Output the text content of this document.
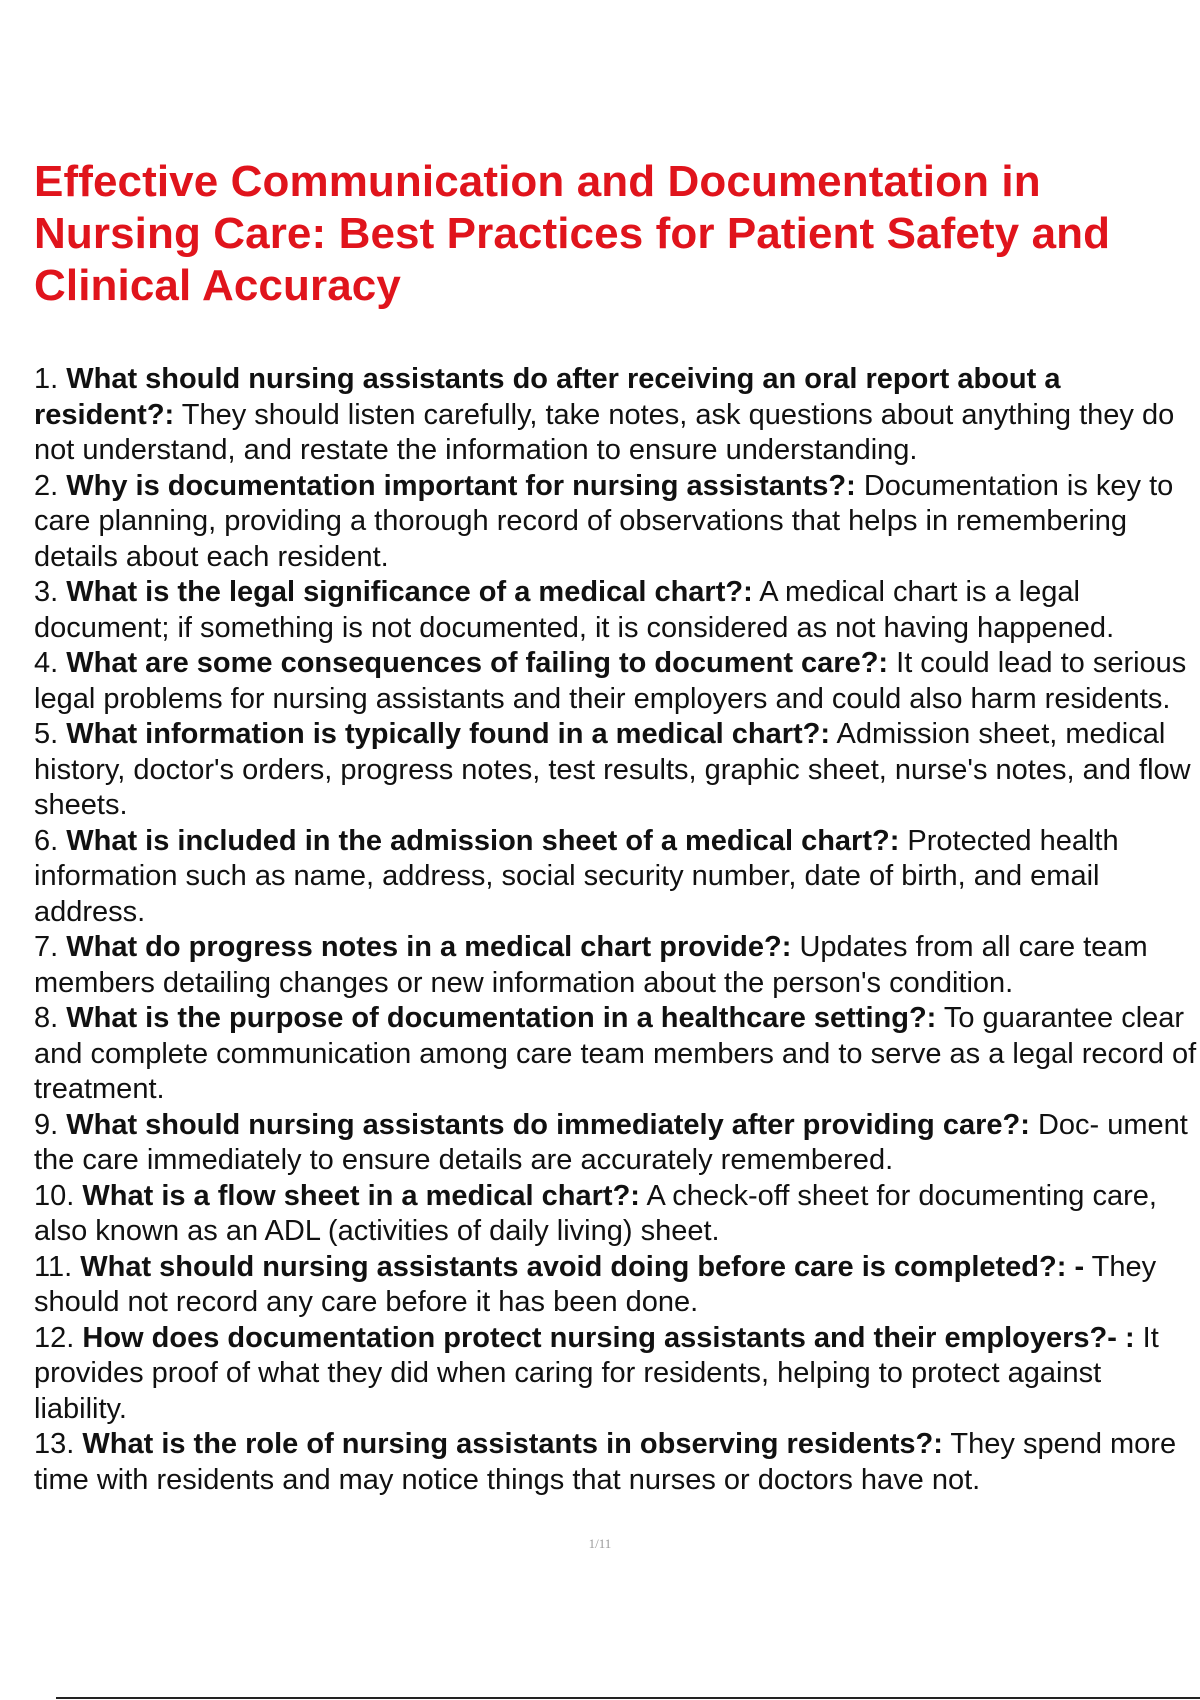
Effective Communication and Documentation in Nursing Care: Best Practices for Patient Safety and Clinical Accuracy
1. What should nursing assistants do after receiving an oral report about a resident?: They should listen carefully, take notes, ask questions about anything they do not understand, and restate the information to ensure understanding.
2. Why is documentation important for nursing assistants?: Documentation is key to care planning, providing a thorough record of observations that helps in remembering details about each resident.
3. What is the legal significance of a medical chart?: A medical chart is a legal document; if something is not documented, it is considered as not having happened.
4. What are some consequences of failing to document care?: It could lead to serious legal problems for nursing assistants and their employers and could also harm residents.
5. What information is typically found in a medical chart?: Admission sheet, medical history, doctor's orders, progress notes, test results, graphic sheet, nurse's notes, and flow sheets.
6. What is included in the admission sheet of a medical chart?: Protected health information such as name, address, social security number, date of birth, and email address.
7. What do progress notes in a medical chart provide?: Updates from all care team members detailing changes or new information about the person's condition.
8. What is the purpose of documentation in a healthcare setting?: To guarantee clear and complete communication among care team members and to serve as a legal record of treatment.
9. What should nursing assistants do immediately after providing care?: Doc- ument the care immediately to ensure details are accurately remembered.
10. What is a flow sheet in a medical chart?: A check-off sheet for documenting care, also known as an ADL (activities of daily living) sheet.
11. What should nursing assistants avoid doing before care is completed?: - They should not record any care before it has been done.
12. How does documentation protect nursing assistants and their employers?- : It provides proof of what they did when caring for residents, helping to protect against liability.
13. What is the role of nursing assistants in observing residents?: They spend more time with residents and may notice things that nurses or doctors have not.
1/11
